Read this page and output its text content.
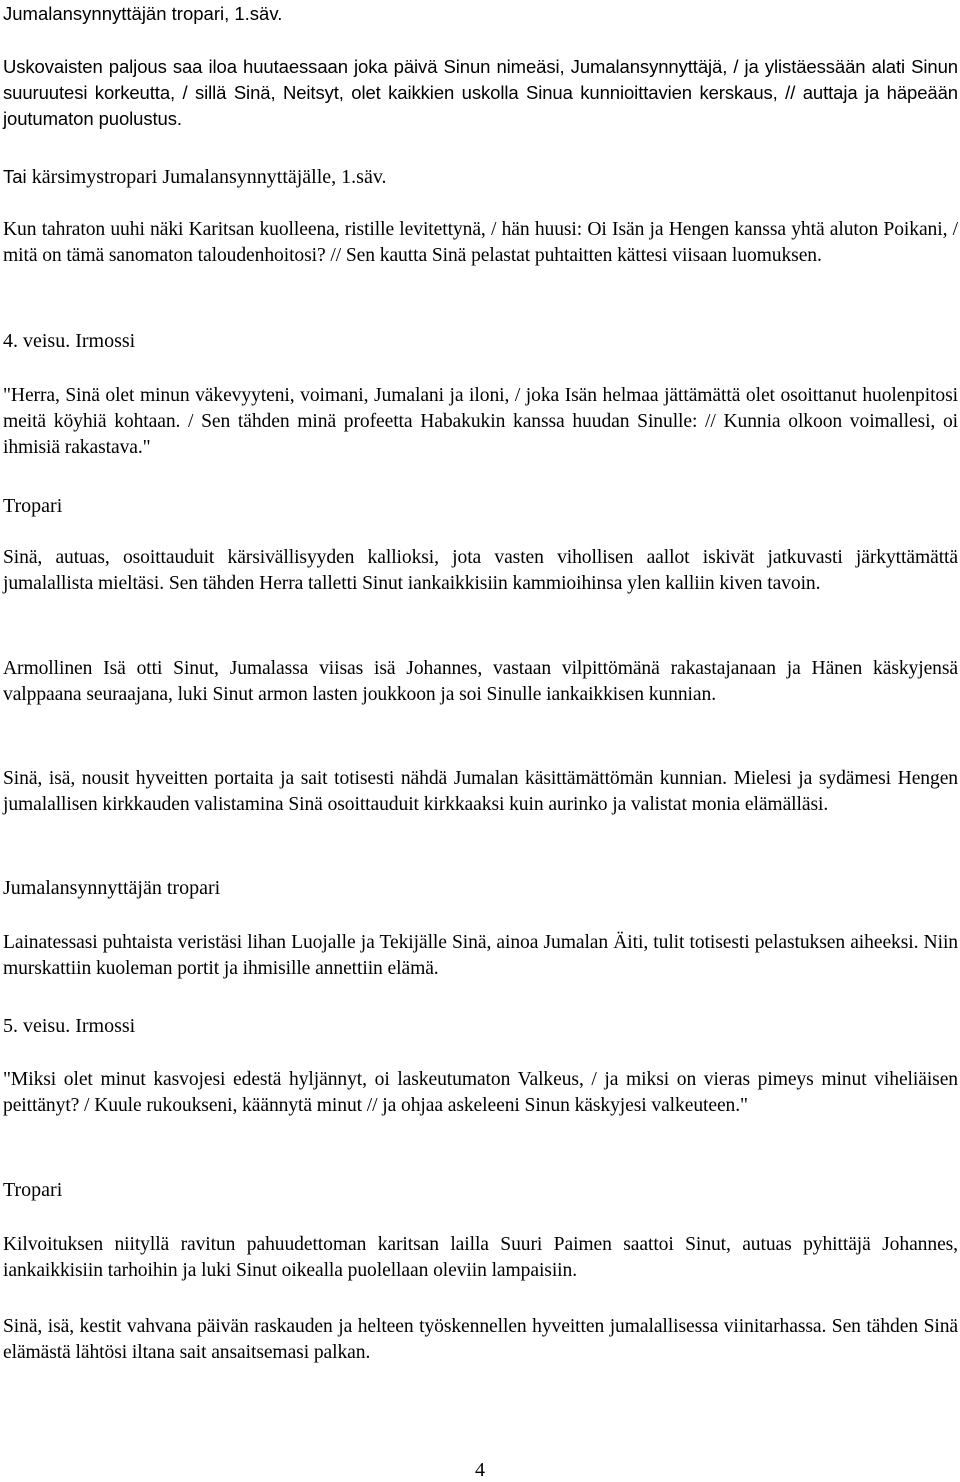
Jumalansynnyttäjän tropari, 1.säv.

Uskovaisten paljous saa iloa huutaessaan joka päivä Sinun nimeäsi, Jumalansynnyttäjä, / ja ylistäessään alati Sinun suuruutesi korkeutta, / sillä Sinä, Neitsyt, olet kaikkien uskolla Sinua kunnioittavien kerskaus, // auttaja ja häpeään joutumaton puolustus.

Tai kärsimystropari Jumalansynnyttäjälle, 1.säv.

Kun tahraton uuhi näki Karitsan kuolleena, ristille levitettynä, / hän huusi: Oi Isän ja Hengen kanssa yhtä aluton Poikani, / mitä on tämä sanomaton taloudenhoitosi? // Sen kautta Sinä pelastat puhtaitten kättesi viisaan luomuksen.

4. veisu. Irmossi

"Herra, Sinä olet minun väkevyyteni, voimani, Jumalani ja iloni, / joka Isän helmaa jättämättä olet osoittanut huolenpitosi meitä köyhiä kohtaan. / Sen tähden minä profeetta Habakukin kanssa huudan Sinulle: // Kunnia olkoon voimallesi, oi ihmisiä rakastava."

Tropari

Sinä, autuas, osoittauduit kärsivällisyyden kallioksi, jota vasten vihollisen aallot iskivät jatkuvasti järkyttämättä jumalallista mieltäsi. Sen tähden Herra talletti Sinut iankaikkisiin kammioihinsa ylen kalliin kiven tavoin.

Armollinen Isä otti Sinut, Jumalassa viisas isä Johannes, vastaan vilpittömänä rakastajanaan ja Hänen käskyjensä valppaana seuraajana, luki Sinut armon lasten joukkoon ja soi Sinulle iankaikkisen kunnian.

Sinä, isä, nousit hyveitten portaita ja sait totisesti nähdä Jumalan käsittämättömän kunnian. Mielesi ja sydämesi Hengen jumalallisen kirkkauden valistamina Sinä osoittauduit kirkkaaksi kuin aurinko ja valistat monia elämälläsi.

Jumalansynnyttäjän tropari

Lainatessasi puhtaista veristäsi lihan Luojalle ja Tekijälle Sinä, ainoa Jumalan Äiti, tulit totisesti pelastuksen aiheeksi. Niin murskattiin kuoleman portit ja ihmisille annettiin elämä.

5. veisu. Irmossi

"Miksi olet minut kasvojesi edestä hyljännyt, oi laskeutumaton Valkeus, / ja miksi on vieras pimeys minut viheliäisen peittänyt? / Kuule rukoukseni, käännytä minut // ja ohjaa askeleeni Sinun käskyjesi valkeuteen."

Tropari

Kilvoituksen niityllä ravitun pahuudettoman karitsan lailla Suuri Paimen saattoi Sinut, autuas pyhittäjä Johannes, iankaikkisiin tarhoihin ja luki Sinut oikealla puolellaan oleviin lampaisiin.

Sinä, isä, kestit vahvana päivän raskauden ja helteen työskennellen hyveitten jumalallisessa viinitarhassa. Sen tähden Sinä elämästä lähtösi iltana sait ansaitsemasi palkan.

4
